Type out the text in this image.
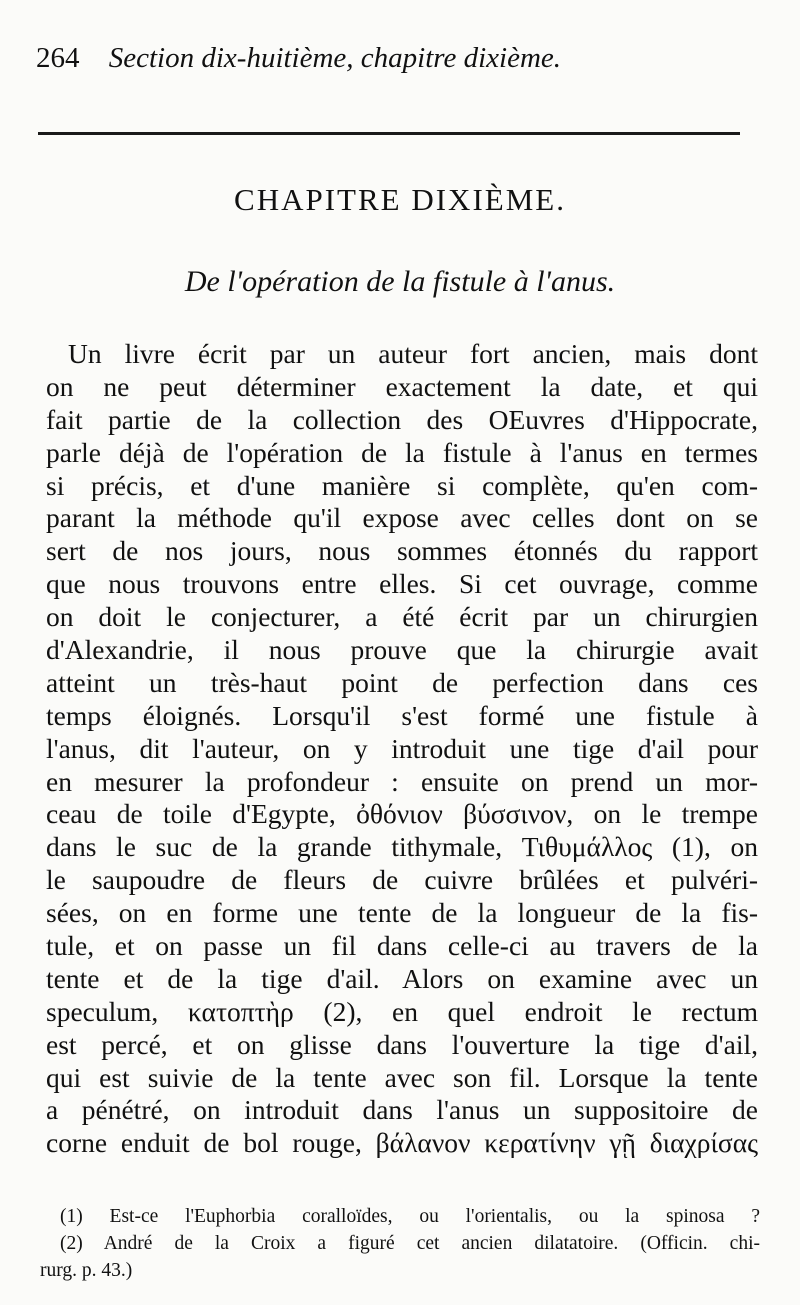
264 Section dix-huitième, chapitre dixième.
CHAPITRE DIXIÈME.
De l'opération de la fistule à l'anus.
Un livre écrit par un auteur fort ancien, mais dont
on ne peut déterminer exactement la date, et qui
fait partie de la collection des OEuvres d'Hippocrate,
parle déjà de l'opération de la fistule à l'anus en termes
si précis, et d'une manière si complète, qu'en com-
parant la méthode qu'il expose avec celles dont on se
sert de nos jours, nous sommes étonnés du rapport
que nous trouvons entre elles. Si cet ouvrage, comme
on doit le conjecturer, a été écrit par un chirurgien
d'Alexandrie, il nous prouve que la chirurgie avait
atteint un très-haut point de perfection dans ces
temps éloignés. Lorsqu'il s'est formé une fistule à
l'anus, dit l'auteur, on y introduit une tige d'ail pour
en mesurer la profondeur : ensuite on prend un mor-
ceau de toile d'Egypte, ὀθόνιον βύσσινον, on le trempe
dans le suc de la grande tithymale, Τιθυμάλλος (1), on
le saupoudre de fleurs de cuivre brûlées et pulvéri-
sées, on en forme une tente de la longueur de la fis-
tule, et on passe un fil dans celle-ci au travers de la
tente et de la tige d'ail. Alors on examine avec un
speculum, κατοπτὴρ (2), en quel endroit le rectum
est percé, et on glisse dans l'ouverture la tige d'ail,
qui est suivie de la tente avec son fil. Lorsque la tente
a pénétré, on introduit dans l'anus un suppositoire de
corne enduit de bol rouge, βάλανον κερατίνην γῇ διαχρίσας
(1) Est-ce l'Euphorbia coralloïdes, ou l'orientalis, ou la spinosa ?
(2) André de la Croix a figuré cet ancien dilatatoire. (Officin. chi-
rurg. p. 43.)
